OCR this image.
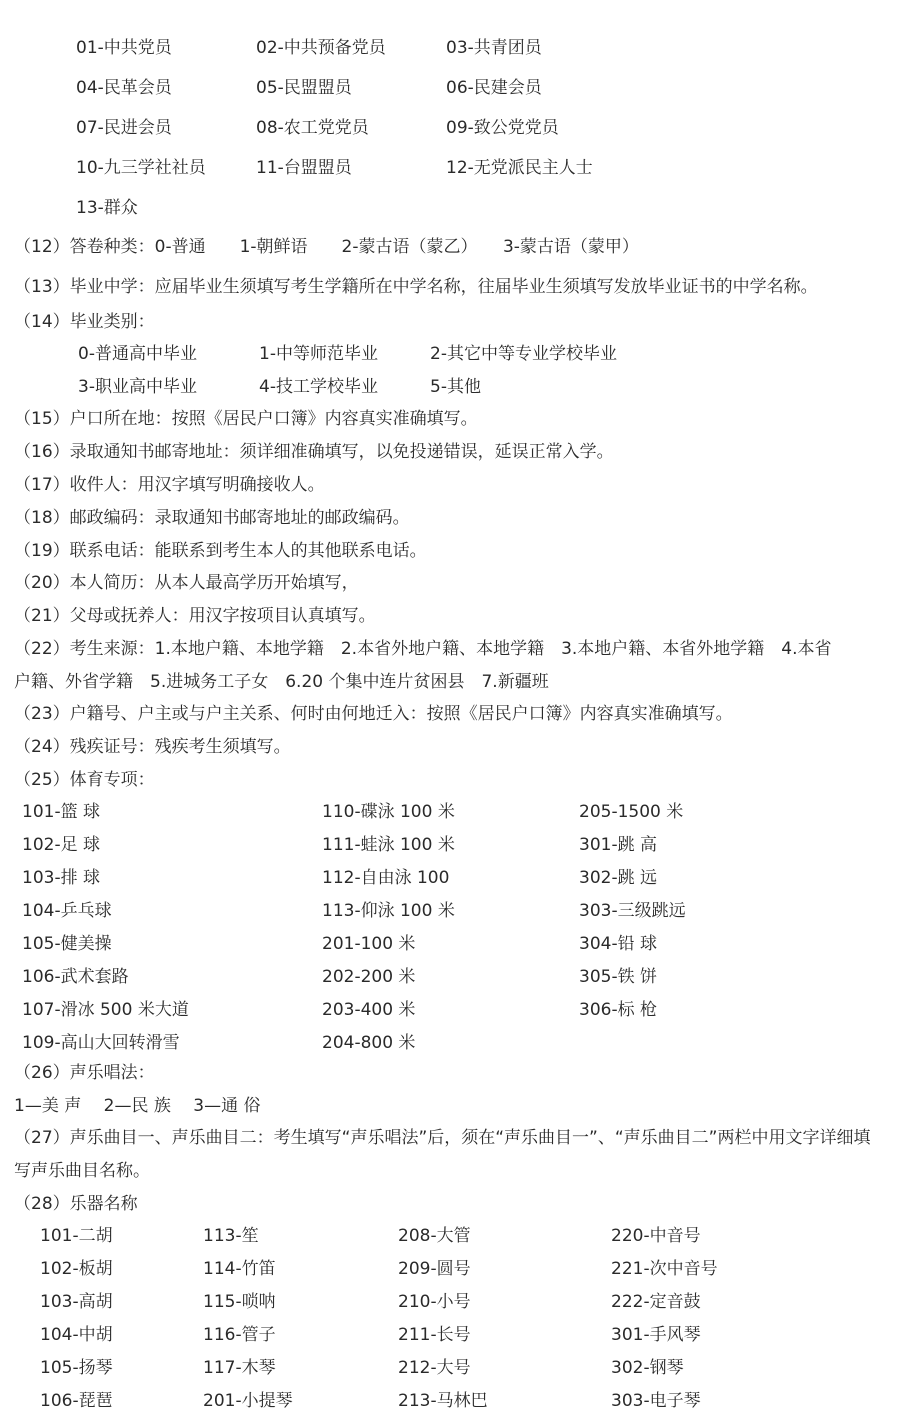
01-中共党员	02-中共预备党员	03-共青团员
04-民革会员	05-民盟盟员	06-民建会员
07-民进会员	08-农工党党员	09-致公党党员
10-九三学社社员	11-台盟盟员	12-无党派民主人士
13-群众
（12）答卷种类：0-普通　　1-朝鲜语　　2-蒙古语（蒙乙）　　3-蒙古语（蒙甲）
（13）毕业中学：应届毕业生须填写考生学籍所在中学名称，往届毕业生须填写发放毕业证书的中学名称。
（14）毕业类别：
0-普通高中毕业	1-中等师范毕业	2-其它中等专业学校毕业
3-职业高中毕业	4-技工学校毕业	5-其他
（15）户口所在地：按照《居民户口簿》内容真实准确填写。
（16）录取通知书邮寄地址：须详细准确填写，以免投递错误，延误正常入学。
（17）收件人：用汉字填写明确接收人。
（18）邮政编码：录取通知书邮寄地址的邮政编码。
（19）联系电话：能联系到考生本人的其他联系电话。
（20）本人简历：从本人最高学历开始填写，
（21）父母或抚养人：用汉字按项目认真填写。
（22）考生来源：1.本地户籍、本地学籍　2.本省外地户籍、本地学籍　3.本地户籍、本省外地学籍　4.本省
户籍、外省学籍　5.进城务工子女　6.20 个集中连片贫困县　7.新疆班
（23）户籍号、户主或与户主关系、何时由何地迁入：按照《居民户口簿》内容真实准确填写。
（24）残疾证号：残疾考生须填写。
（25）体育专项：
101-篮 球	110-碟泳 100 米	205-1500 米
102-足 球	111-蛙泳 100 米	301-跳 高
103-排 球	112-自由泳 100	302-跳 远
104-乒乓球	113-仰泳 100 米	303-三级跳远
105-健美操	201-100 米	304-铅 球
106-武术套路	202-200 米	305-铁 饼
107-滑冰 500 米大道	203-400 米	306-标 枪
109-高山大回转滑雪	204-800 米
（26）声乐唱法：
1—美 声　 2—民 族　 3—通 俗
（27）声乐曲目一、声乐曲目二：考生填写“声乐唱法”后，须在“声乐曲目一”、“声乐曲目二”两栏中用文字详细填
写声乐曲目名称。
（28）乐器名称
101-二胡	113-笙	208-大管	220-中音号
102-板胡	114-竹笛	209-圆号	221-次中音号
103-高胡	115-唢呐	210-小号	222-定音鼓
104-中胡	116-管子	211-长号	301-手风琴
105-扬琴	117-木琴	212-大号	302-钢琴
106-琵琶	201-小提琴	213-马林巴	303-电子琴
